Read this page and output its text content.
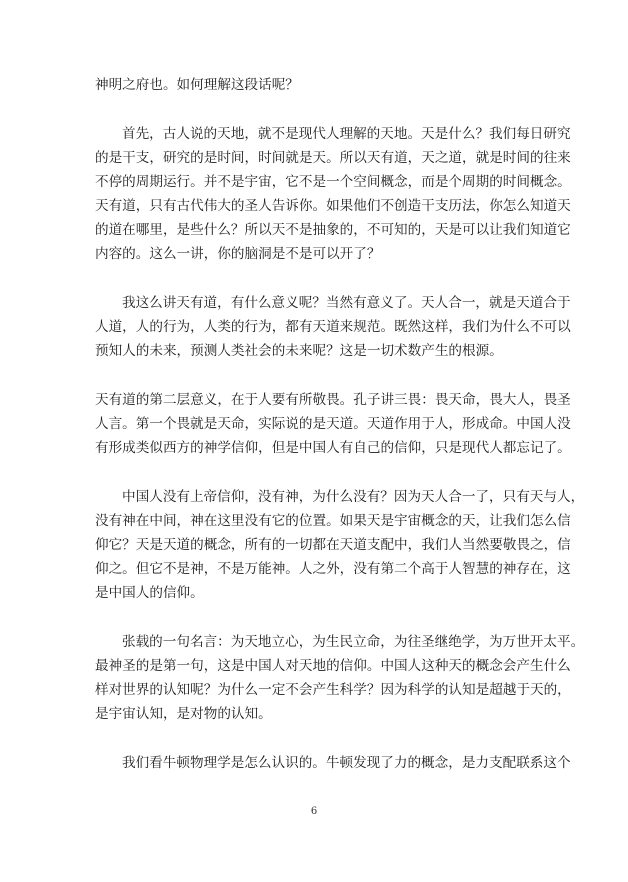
神明之府也。如何理解这段话呢？
首先，古人说的天地，就不是现代人理解的天地。天是什么？我们每日研究
的是干支，研究的是时间，时间就是天。所以天有道，天之道，就是时间的往来
不停的周期运行。并不是宇宙，它不是一个空间概念，而是个周期的时间概念。
天有道，只有古代伟大的圣人告诉你。如果他们不创造干支历法，你怎么知道天
的道在哪里，是些什么？所以天不是抽象的，不可知的，天是可以让我们知道它
内容的。这么一讲，你的脑洞是不是可以开了？
我这么讲天有道，有什么意义呢？当然有意义了。天人合一，就是天道合于
人道，人的行为，人类的行为，都有天道来规范。既然这样，我们为什么不可以
预知人的未来，预测人类社会的未来呢？这是一切术数产生的根源。
天有道的第二层意义，在于人要有所敬畏。孔子讲三畏：畏天命，畏大人，畏圣
人言。第一个畏就是天命，实际说的是天道。天道作用于人，形成命。中国人没
有形成类似西方的神学信仰，但是中国人有自己的信仰，只是现代人都忘记了。
中国人没有上帝信仰，没有神，为什么没有？因为天人合一了，只有天与人，
没有神在中间，神在这里没有它的位置。如果天是宇宙概念的天，让我们怎么信
仰它？天是天道的概念，所有的一切都在天道支配中，我们人当然要敬畏之，信
仰之。但它不是神，不是万能神。人之外，没有第二个高于人智慧的神存在，这
是中国人的信仰。
张载的一句名言：为天地立心，为生民立命，为往圣继绝学，为万世开太平。
最神圣的是第一句，这是中国人对天地的信仰。中国人这种天的概念会产生什么
样对世界的认知呢？为什么一定不会产生科学？因为科学的认知是超越于天的，
是宇宙认知，是对物的认知。
我们看牛顿物理学是怎么认识的。牛顿发现了力的概念，是力支配联系这个
6
